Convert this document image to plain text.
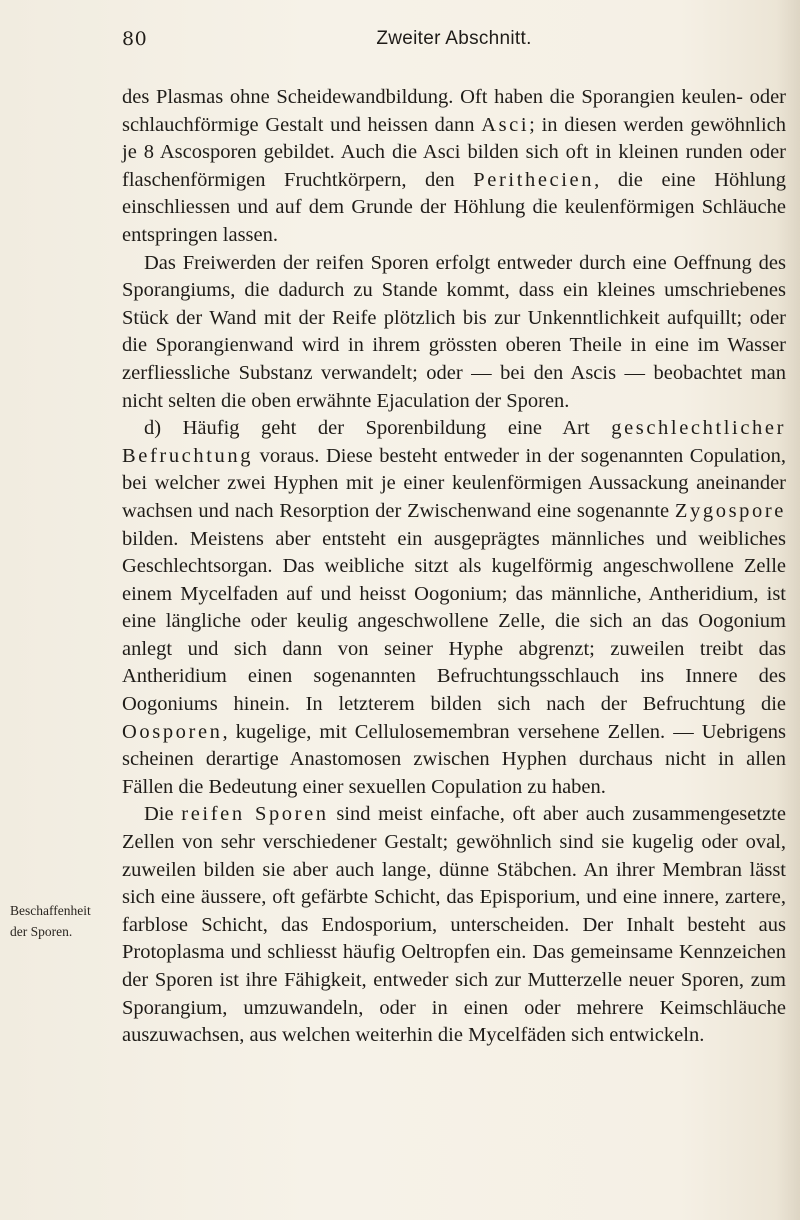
80	Zweiter Abschnitt.
Beschaffenheit
der Sporen.

des Plasmas ohne Scheidewandbildung. Oft haben die Sporangien keulen- oder schlauchförmige Gestalt und heissen dann Asci; in diesen werden gewöhnlich je 8 Ascosporen gebildet. Auch die Asci bilden sich oft in kleinen runden oder flaschenförmigen Fruchtkörpern, den Perithecien, die eine Höhlung einschliessen und auf dem Grunde der Höhlung die keulenförmigen Schläuche entspringen lassen.

Das Freiwerden der reifen Sporen erfolgt entweder durch eine Oeffnung des Sporangiums, die dadurch zu Stande kommt, dass ein kleines umschriebenes Stück der Wand mit der Reife plötzlich bis zur Unkenntlichkeit aufquillt; oder die Sporangienwand wird in ihrem grössten oberen Theile in eine im Wasser zerfliessliche Substanz verwandelt; oder — bei den Ascis — beobachtet man nicht selten die oben erwähnte Ejaculation der Sporen.

d) Häufig geht der Sporenbildung eine Art geschlechtlicher Befruchtung voraus. Diese besteht entweder in der sogenannten Copulation, bei welcher zwei Hyphen mit je einer keulenförmigen Aussackung aneinander wachsen und nach Resorption der Zwischenwand eine sogenannte Zygospore bilden. Meistens aber entsteht ein ausgeprägtes männliches und weibliches Geschlechtsorgan. Das weibliche sitzt als kugelförmig angeschwollene Zelle einem Mycelfaden auf und heisst Oogonium; das männliche, Antheridium, ist eine längliche oder keulig angeschwollene Zelle, die sich an das Oogonium anlegt und sich dann von seiner Hyphe abgrenzt; zuweilen treibt das Antheridium einen sogenannten Befruchtungsschlauch ins Innere des Oogoniums hinein. In letzterem bilden sich nach der Befruchtung die Oosporen, kugelige, mit Cellulosemembran versehene Zellen. — Uebrigens scheinen derartige Anastomosen zwischen Hyphen durchaus nicht in allen Fällen die Bedeutung einer sexuellen Copulation zu haben.

Die reifen Sporen sind meist einfache, oft aber auch zusammengesetzte Zellen von sehr verschiedener Gestalt; gewöhnlich sind sie kugelig oder oval, zuweilen bilden sie aber auch lange, dünne Stäbchen. An ihrer Membran lässt sich eine äussere, oft gefärbte Schicht, das Episporium, und eine innere, zartere, farblose Schicht, das Endosporium, unterscheiden. Der Inhalt besteht aus Protoplasma und schliesst häufig Oeltropfen ein. Das gemeinsame Kennzeichen der Sporen ist ihre Fähigkeit, entweder sich zur Mutterzelle neuer Sporen, zum Sporangium, umzuwandeln, oder in einen oder mehrere Keimschläuche auszuwachsen, aus welchen weiterhin die Mycelfäden sich entwickeln.
